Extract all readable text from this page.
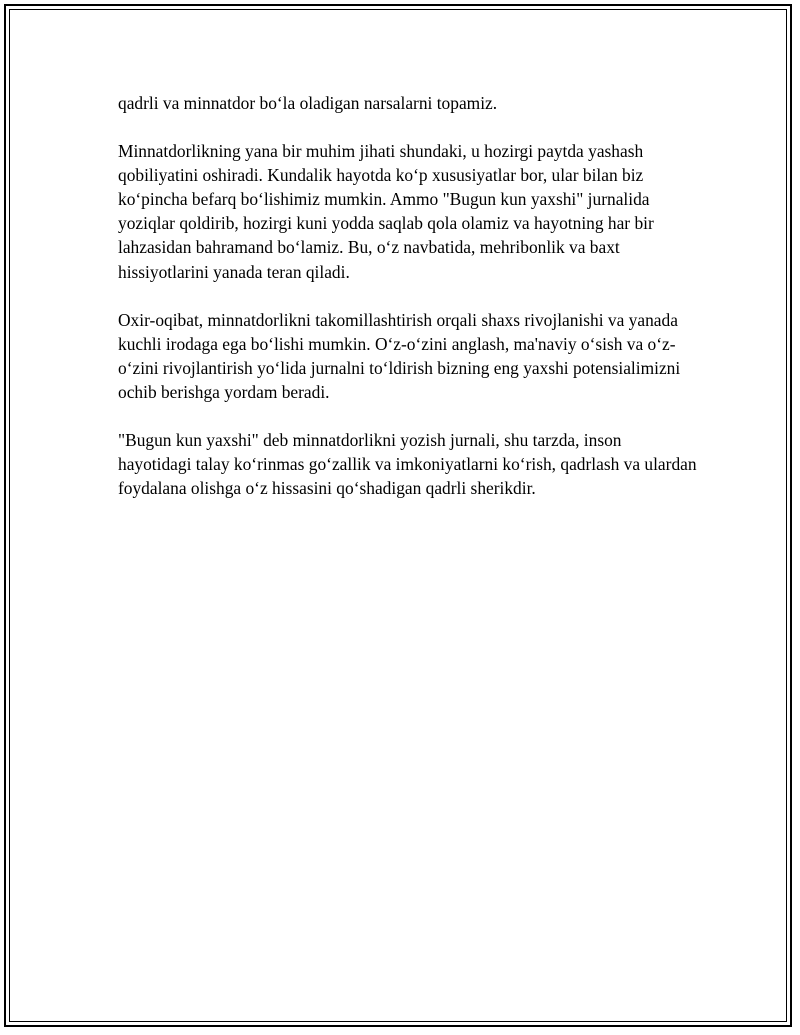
qadrli va minnatdor bo‘la oladigan narsalarni topamiz.

Minnatdorlikning yana bir muhim jihati shundaki, u hozirgi paytda yashash qobiliyatini oshiradi. Kundalik hayotda ko‘p xususiyatlar bor, ular bilan biz ko‘pincha befarq bo‘lishimiz mumkin. Ammo "Bugun kun yaxshi" jurnalida yoziqlar qoldirib, hozirgi kuni yodda saqlab qola olamiz va hayotning har bir lahzasidan bahramand bo‘lamiz. Bu, o‘z navbatida, mehribonlik va baxt hissiyotlarini yanada teran qiladi.

Oxir-oqibat, minnatdorlikni takomillashtirish orqali shaxs rivojlanishi va yanada kuchli irodaga ega bo‘lishi mumkin. O‘z-o‘zini anglash, ma'naviy o‘sish va o‘z-o‘zini rivojlantirish yo‘lida jurnalni to‘ldirish bizning eng yaxshi potensialimizni ochib berishga yordam beradi.

"Bugun kun yaxshi" deb minnatdorlikni yozish jurnali, shu tarzda, inson hayotidagi talay ko‘rinmas go‘zallik va imkoniyatlarni ko‘rish, qadrlash va ulardan foydalana olishga o‘z hissasini qo‘shadigan qadrli sherikdir.
